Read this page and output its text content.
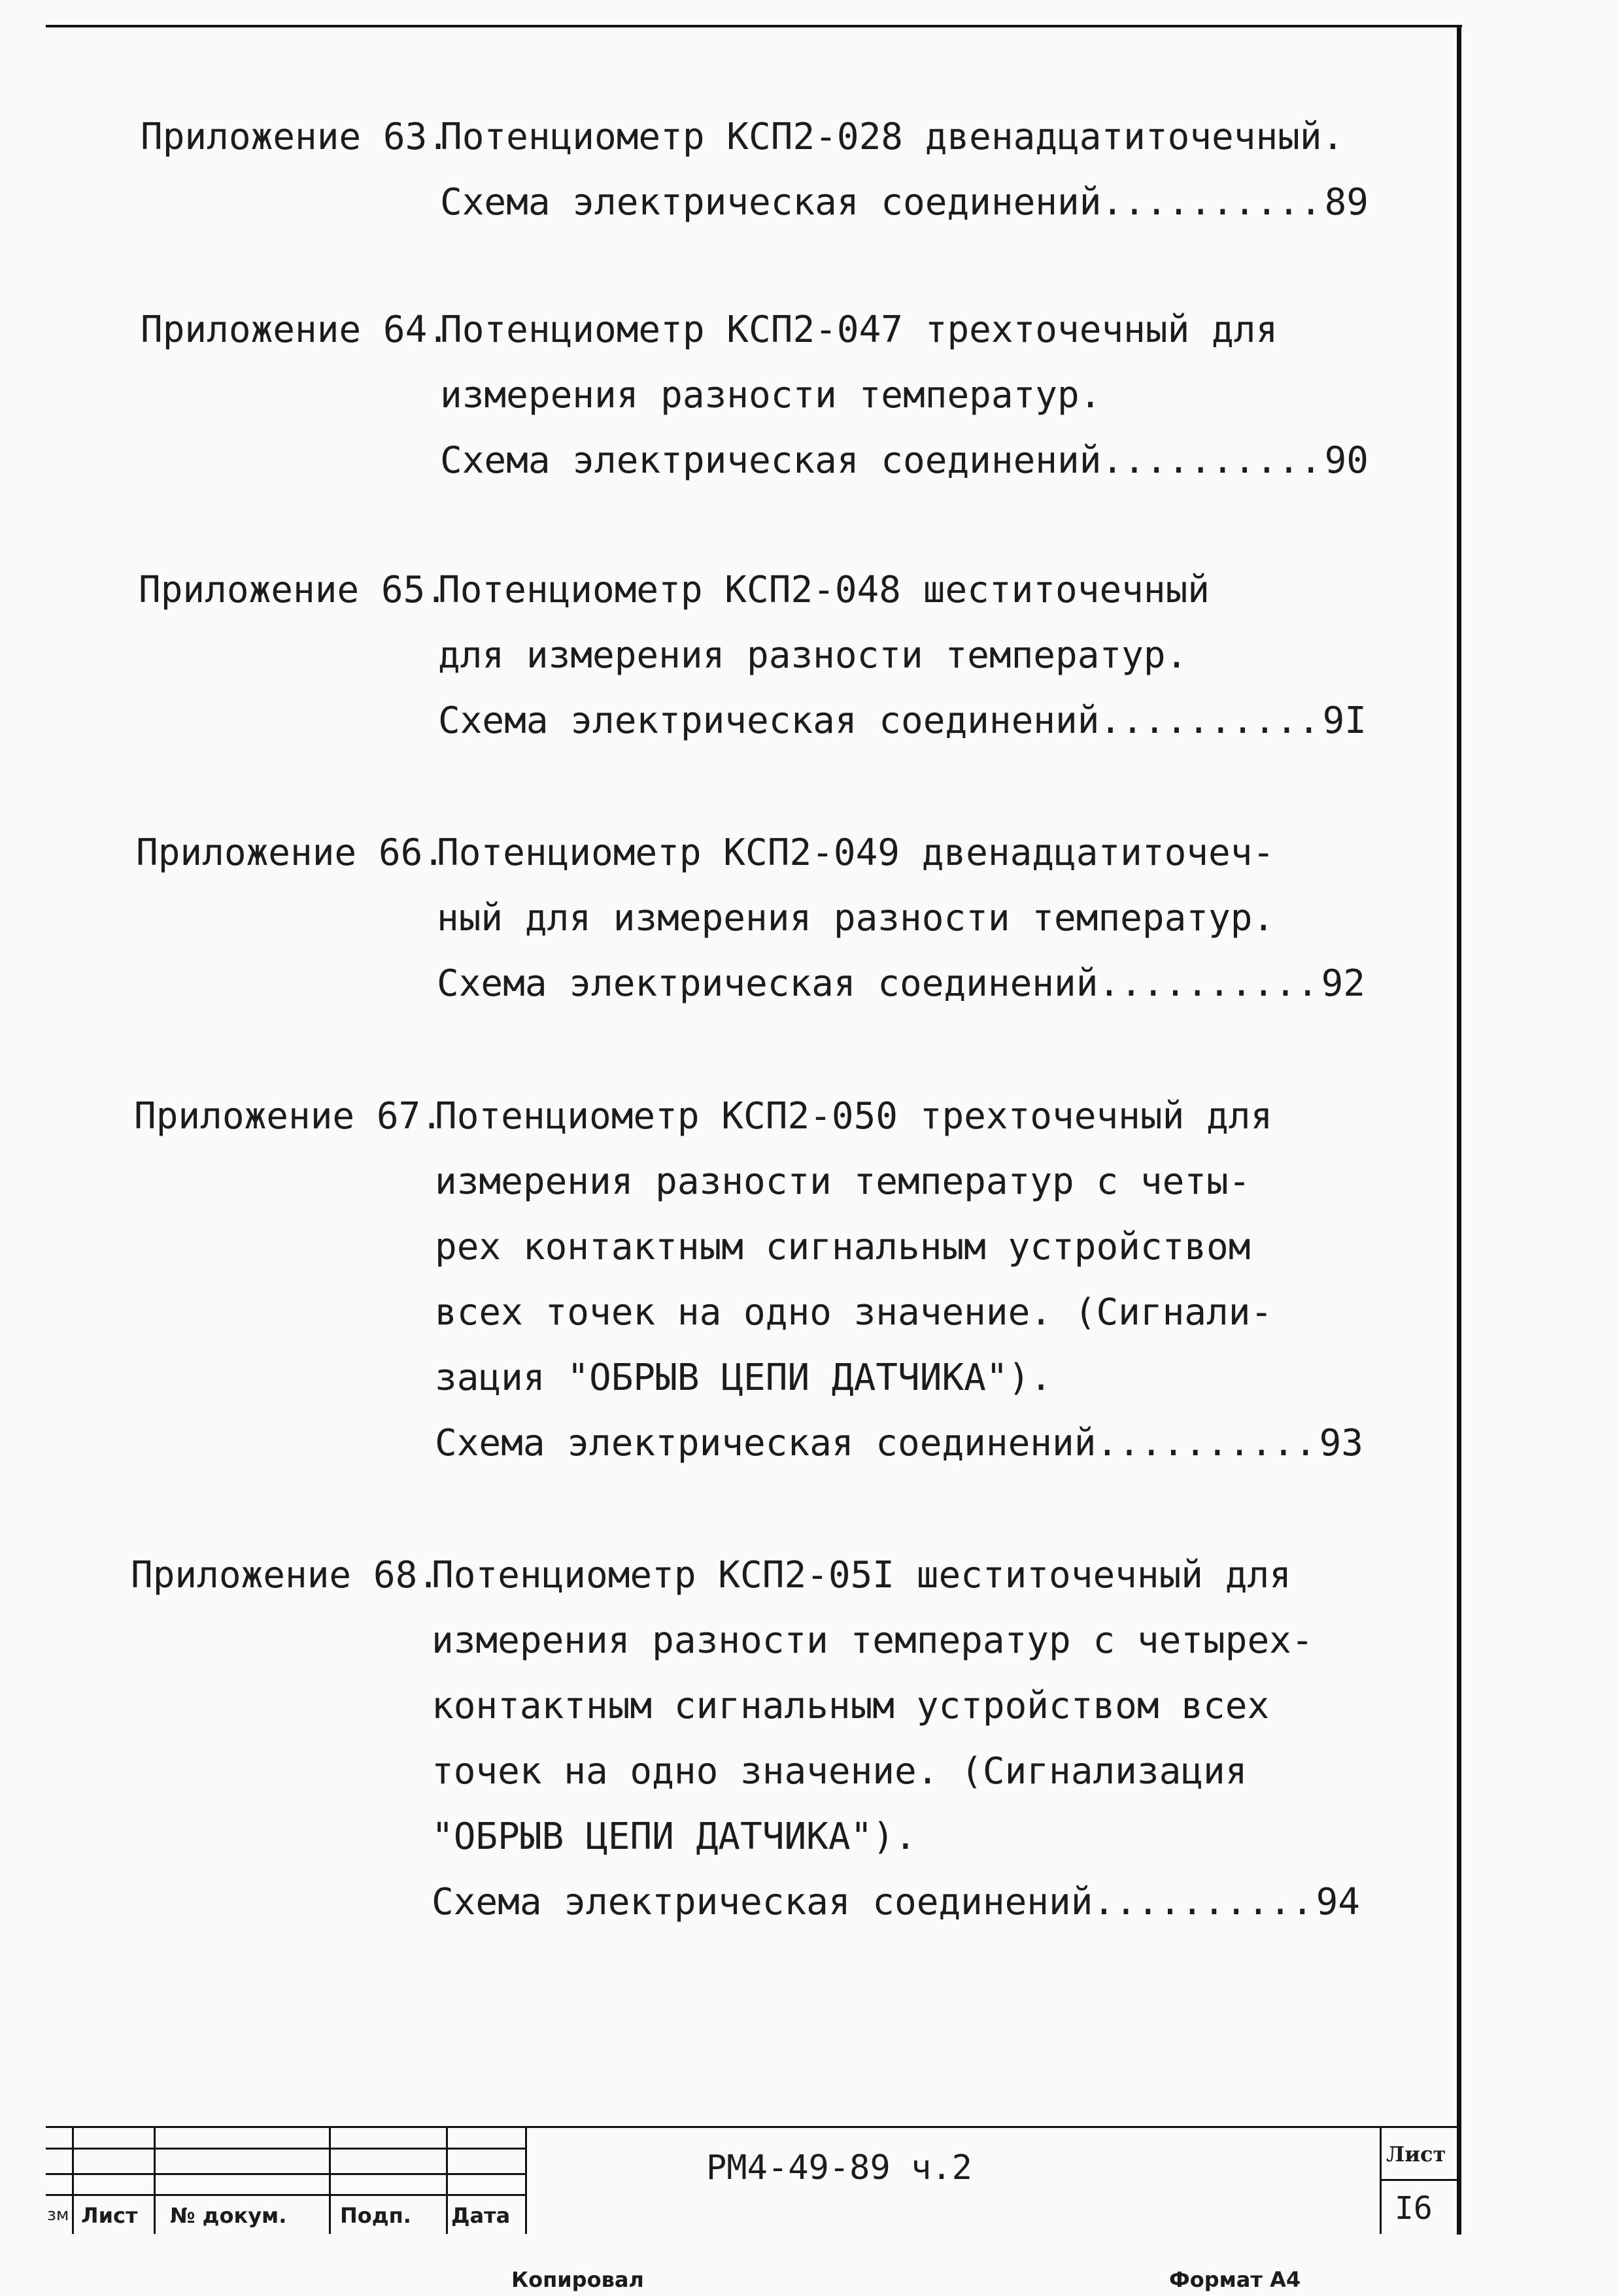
Приложение 63.
Потенциометр КСП2-028 двенадцатиточечный.
Схема электрическая соединений .....	89
Приложение 64.
Потенциометр КСП2-047 трехточечный для
измерения разности температур.
Схема электрическая соединений .....	90
Приложение 65.
Потенциометр КСП2-048 шеститочечный
для измерения разности температур.
Схема электрическая соединений .....	9I
Приложение 66.
Потенциометр КСП2-049 двенадцатиточеч-
ный для измерения разности температур.
Схема электрическая соединений .....	92
Приложение 67.
Потенциометр КСП2-050 трехточечный для
измерения разности температур с четы-
рех контактным сигнальным устройством
всех точек на одно значение. (Сигнали-
зация "ОБРЫВ ЦЕПИ ДАТЧИКА").
Схема электрическая соединений .....	93
Приложение 68.
Потенциометр КСП2-05I шеститочечный для
измерения разности температур с четырех-
контактным сигнальным устройством всех
точек на одно значение. (Сигнализация
"ОБРЫВ ЦЕПИ ДАТЧИКА").
Схема электрическая соединений .....	94
зм Лист № докум.	Подп. Дата
РМ4-49-89 ч.2	Лист
I6
Копировал	Формат А4
